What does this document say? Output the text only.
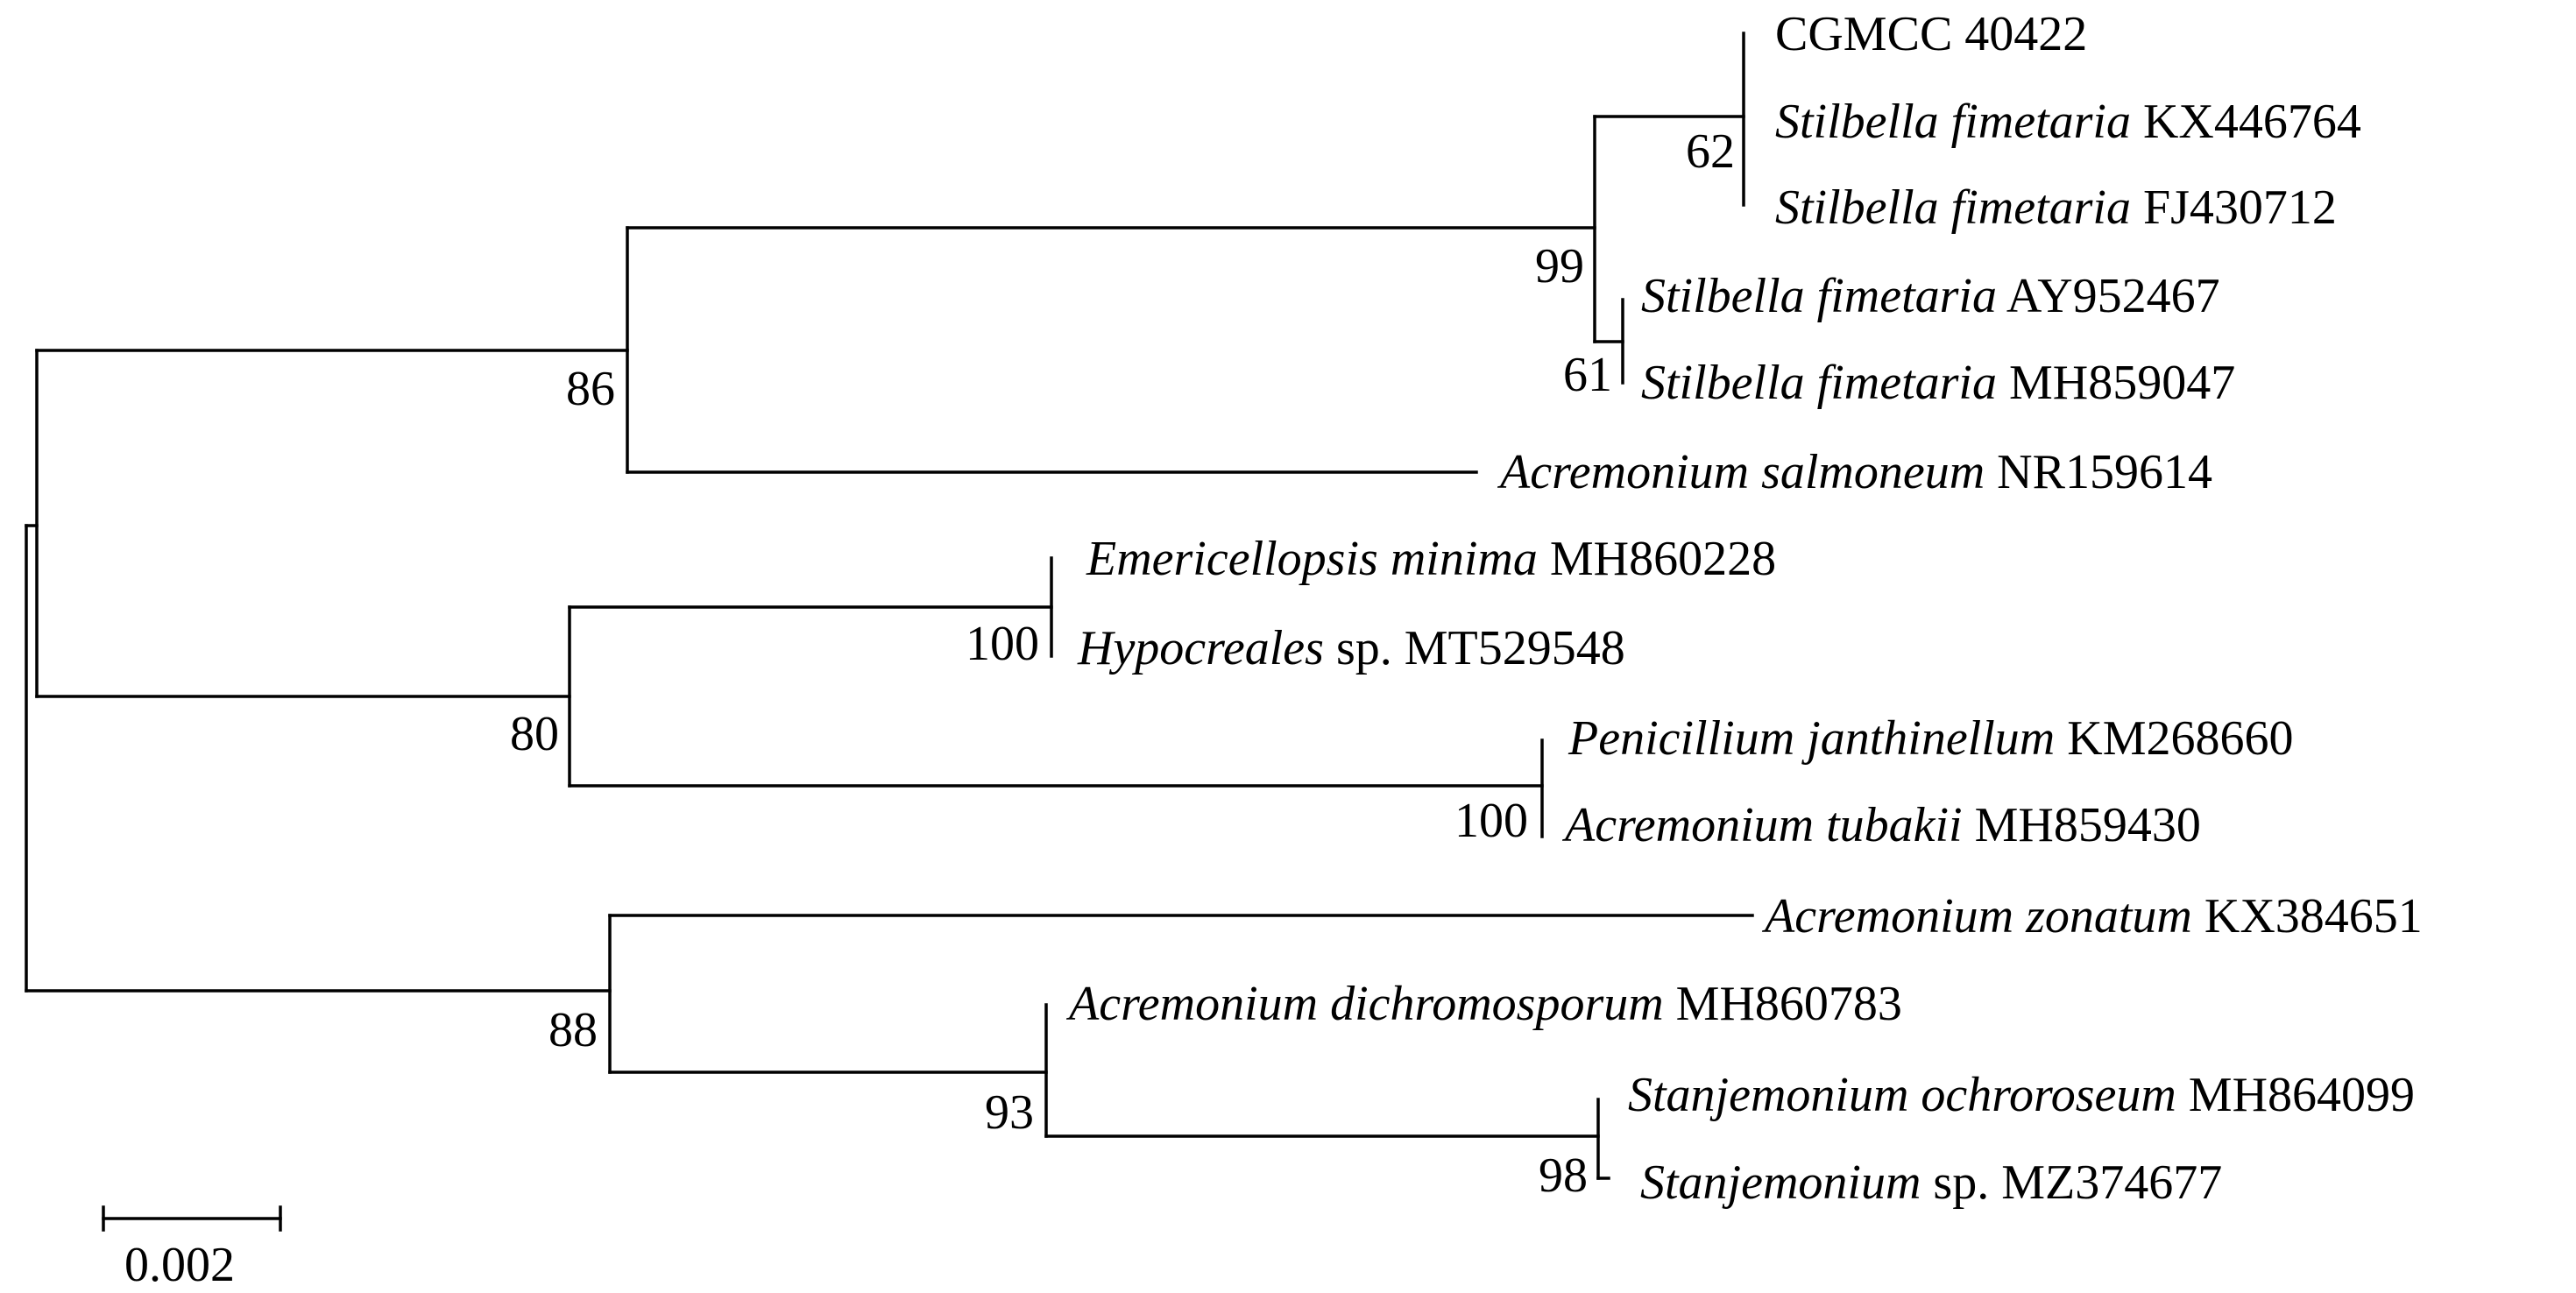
CGMCC 40422
Stilbella fimetaria KX446764
Stilbella fimetaria FJ430712
Stilbella fimetaria AY952467
Stilbella fimetaria MH859047
Acremonium salmoneum NR159614
Emericellopsis minima MH860228
Hypocreales sp. MT529548
Penicillium janthinellum KM268660
Acremonium tubakii MH859430
Acremonium zonatum KX384651
Acremonium dichromosporum MH860783
Stanjemonium ochroroseum MH864099
Stanjemonium sp. MZ374677
62
99
61
86
100
80
100
88
93
98
0.002
